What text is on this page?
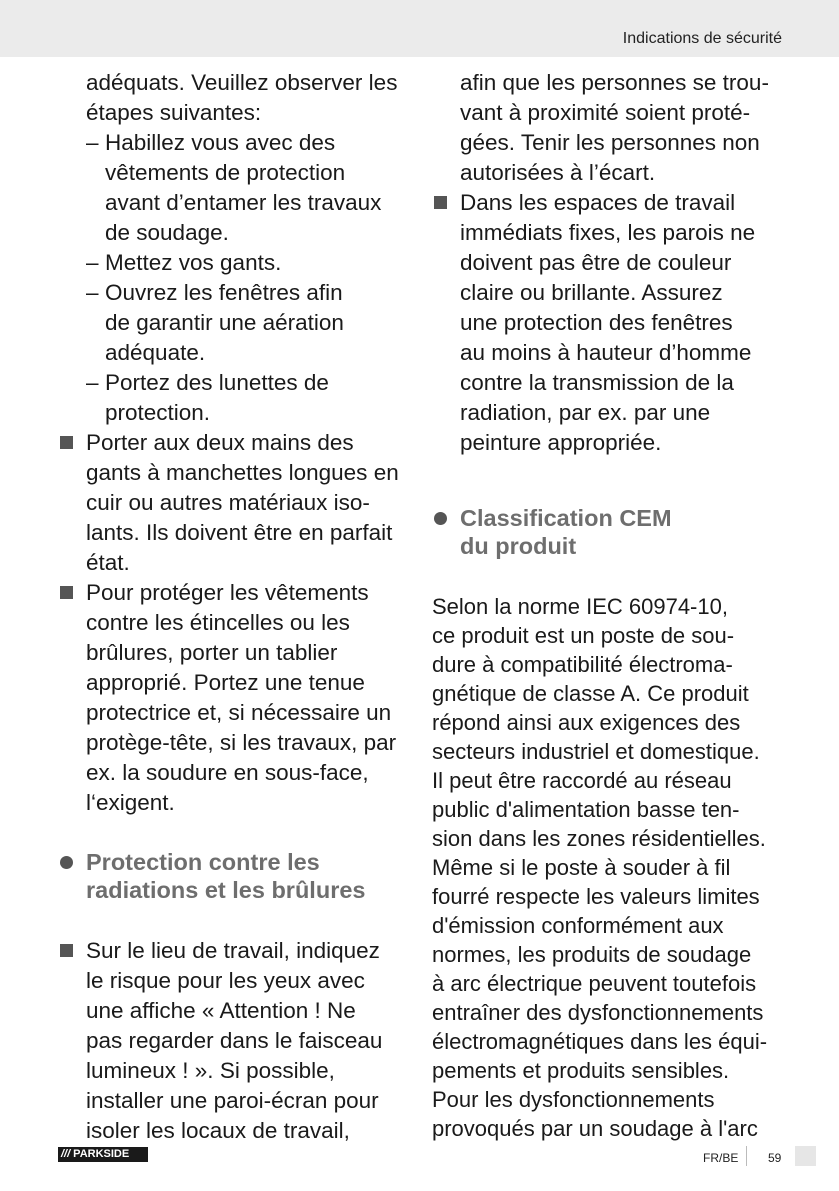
Indications de sécurité
adéquats. Veuillez observer les
étapes suivantes:
– Habillez vous avec des
vêtements de protection
avant d’entamer les travaux
de soudage.
– Mettez vos gants.
– Ouvrez les fenêtres afin
de garantir une aération
adéquate.
– Portez des lunettes de
protection.
Porter aux deux mains des
gants à manchettes longues en
cuir ou autres matériaux iso-
lants. Ils doivent être en parfait
état.
Pour protéger les vêtements
contre les étincelles ou les
brûlures, porter un tablier
approprié. Portez une tenue
protectrice et, si nécessaire un
protège-tête, si les travaux, par
ex. la soudure en sous-face,
l‘exigent.
Protection contre les
radiations et les brûlures
Sur le lieu de travail, indiquez
le risque pour les yeux avec
une affiche « Attention ! Ne
pas regarder dans le faisceau
lumineux ! ». Si possible,
installer une paroi-écran pour
isoler les locaux de travail,
afin que les personnes se trou-
vant à proximité soient proté-
gées. Tenir les personnes non
autorisées à l’écart.
Dans les espaces de travail
immédiats fixes, les parois ne
doivent pas être de couleur
claire ou brillante. Assurez
une protection des fenêtres
au moins à hauteur d’homme
contre la transmission de la
radiation, par ex. par une
peinture appropriée.
Classification CEM
du produit

Selon la norme IEC 60974-10,

ce produit est un poste de sou-

dure à compatibilité électroma-

gnétique de classe A. Ce produit

répond ainsi aux exigences des

secteurs industriel et domestique.

Il peut être raccordé au réseau

public d'alimentation basse ten-

sion dans les zones résidentielles.

Même si le poste à souder à fil

fourré respecte les valeurs limites

d'émission conformément aux

normes, les produits de soudage

à arc électrique peuvent toutefois

entraîner des dysfonctionnements

électromagnétiques dans les équi-

pements et produits sensibles.

Pour les dysfonctionnements

provoqués par un soudage à l'arc

/// PARKSIDE	FR/BE 59
